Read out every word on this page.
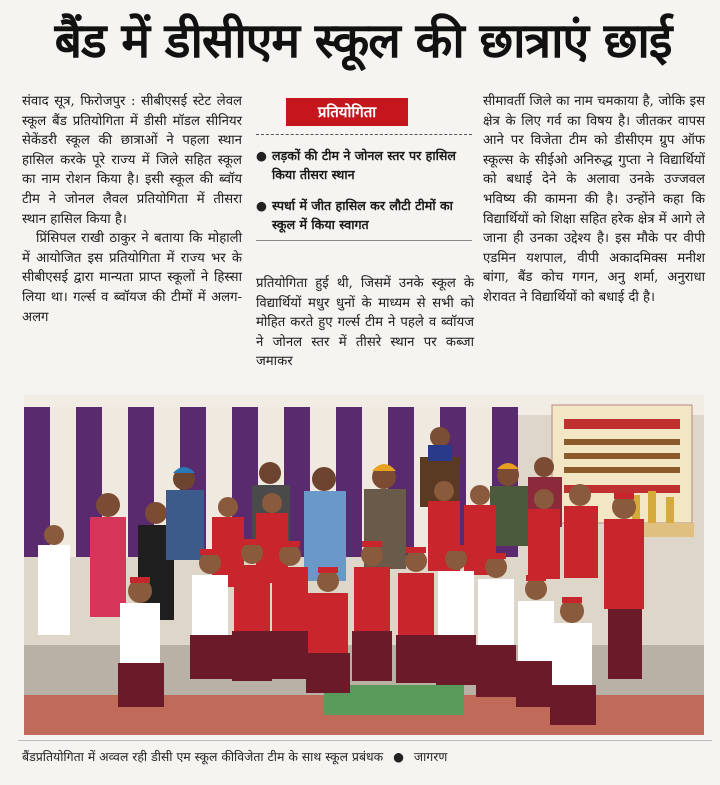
बैंड में डीसीएम स्कूल की छात्राएं छाई

संवाद सूत्र, फिरोजपुर : सीबीएसई स्टेट लेवल स्कूल बैंड प्रतियोगिता में डीसी मॉडल सीनियर सेकेंडरी स्कूल की छात्राओं ने पहला स्थान हासिल करके पूरे राज्य में जिले सहित स्कूल का नाम रोशन किया है। इसी स्कूल की ब्वॉय टीम ने जोनल लैवल प्रतियोगिता में तीसरा स्थान हासिल किया है।

प्रिंसिपल राखी ठाकुर ने बताया कि मोहाली में आयोजित इस प्रतियोगिता में राज्य भर के सीबीएसई द्वारा मान्यता प्राप्त स्कूलों ने हिस्सा लिया था। गर्ल्स व ब्वॉयज की टीमों में अलग-अलग

प्रतियोगिता
● लड़कों की टीम ने जोनल स्तर पर हासिल किया तीसरा स्थान
● स्पर्धा में जीत हासिल कर लौटी टीमों का स्कूल में किया स्वागत

प्रतियोगिता हुई थी, जिसमें उनके स्कूल के विद्यार्थियों मधुर धुनों के माध्यम से सभी को मोहित करते हुए गर्ल्स टीम ने पहले व ब्वॉयज ने जोनल स्तर में तीसरे स्थान पर कब्जा जमाकर

सीमावर्ती जिले का नाम चमकाया है, जोकि इस क्षेत्र के लिए गर्व का विषय है। जीतकर वापस आने पर विजेता टीम को डीसीएम ग्रुप ऑफ स्कूल्स के सीईओ अनिरुद्ध गुप्ता ने विद्यार्थियों को बधाई देने के अलावा उनके उज्जवल भविष्य की कामना की है। उन्होंने कहा कि विद्यार्थियों को शिक्षा सहित हरेक क्षेत्र में आगे ले जाना ही उनका उद्देश्य है। इस मौके पर वीपी एडमिन यशपाल, वीपी अकादमिक्स मनीश बांगा, बैंड कोच गगन, अनु शर्मा, अनुराधा शेरावत ने विद्यार्थियों को बधाई दी है।

बैंडप्रतियोगिता में अव्वल रही डीसी एम स्कूल कीविजेता टीम के साथ स्कूल प्रबंधक ● जागरण
